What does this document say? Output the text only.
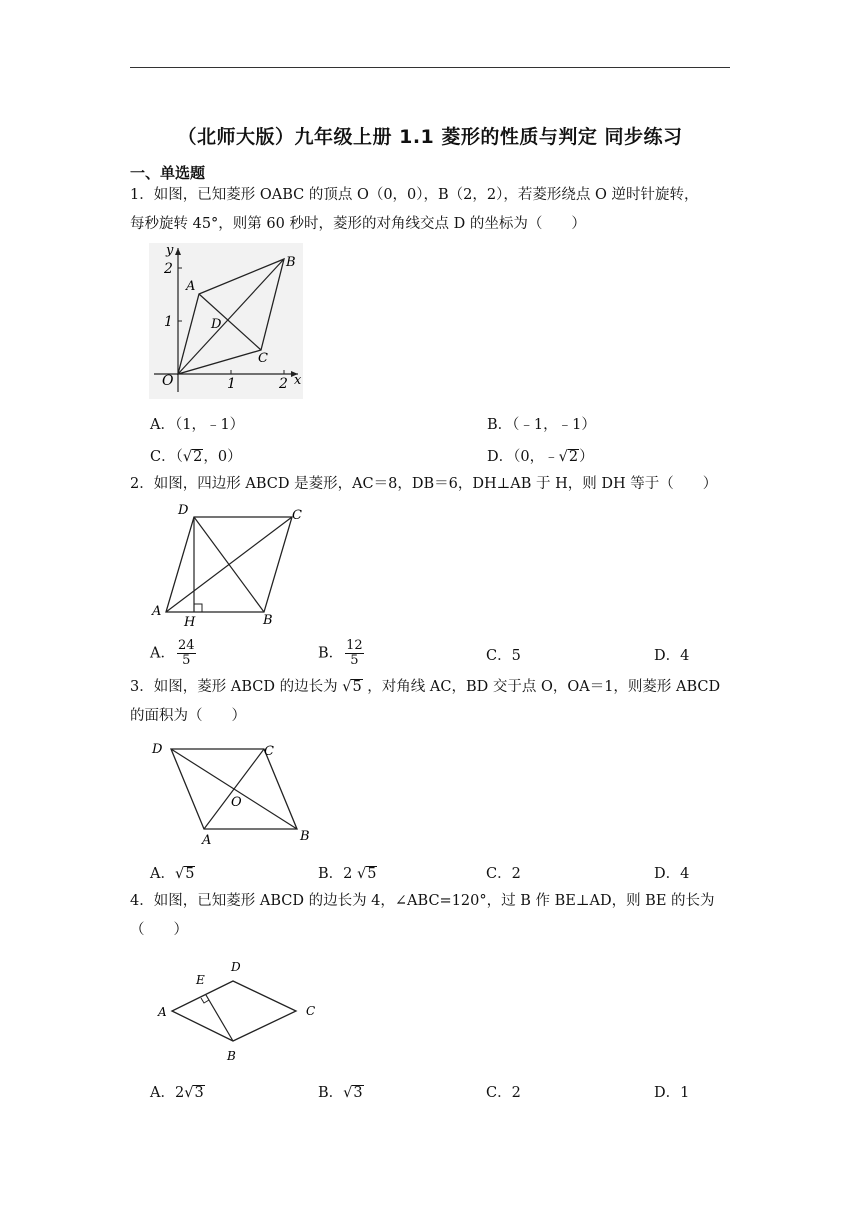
（北师大版）九年级上册 1.1 菱形的性质与判定 同步练习
一、单选题
1．如图，已知菱形 OABC 的顶点 O（0，0），B（2，2），若菱形绕点 O 逆时针旋转，
每秒旋转 45°，则第 60 秒时，菱形的对角线交点 D 的坐标为（　　）
O
A
B
C
D
y
x
1	2
1
2
A．（1，﹣1）	B．（﹣1，﹣1）
C．（√2，0）	D．（0，﹣√2）
2．如图，四边形 ABCD 是菱形，AC＝8，DB＝6，DH⊥AB 于 H，则 DH 等于（　　）
A
B
C
D
H
A． $\frac{24}{5}$	B． $\frac{12}{5}$	C．5	D．4
3．如图，菱形 ABCD 的边长为 √5 ，对角线 AC，BD 交于点 O，OA＝1，则菱形 ABCD
的面积为（　　）
A	B
C
D
O
A．√5	B．2 √5	C．2	D．4
4．如图，已知菱形 ABCD 的边长为 4，∠ABC=120°，过 B 作 BE⊥AD，则 BE 的长为
（　　）
A
B
C
D
E
A．2√3	B．√3	C．2	D．1
